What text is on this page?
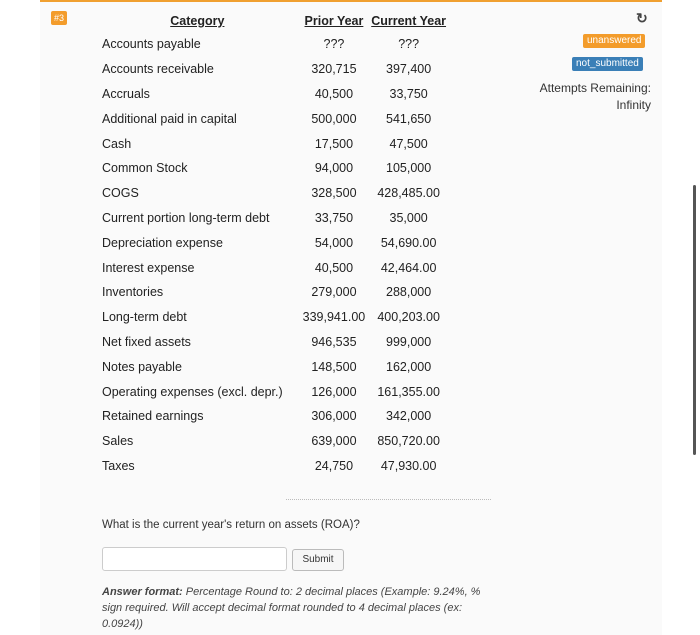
#3	↻
unanswered
not_submitted
Attempts Remaining:
Infinity
Category	Prior Year	Current Year
Accounts payable	???	???
Accounts receivable	320,715	397,400
Accruals	40,500	33,750
Additional paid in capital	500,000	541,650
Cash	17,500	47,500
Common Stock	94,000	105,000
COGS	328,500	428,485.00
Current portion long-term debt	33,750	35,000
Depreciation expense	54,000	54,690.00
Interest expense	40,500	42,464.00
Inventories	279,000	288,000
Long-term debt	339,941.00	400,203.00
Net fixed assets	946,535	999,000
Notes payable	148,500	162,000
Operating expenses (excl. depr.)	126,000	161,355.00
Retained earnings	306,000	342,000
Sales	639,000	850,720.00
Taxes	24,750	47,930.00
What is the current year's return on assets (ROA)?
Submit
Answer format: Percentage Round to: 2 decimal places (Example: 9.24%, % sign required. Will accept decimal format rounded to 4 decimal places (ex: 0.0924))
